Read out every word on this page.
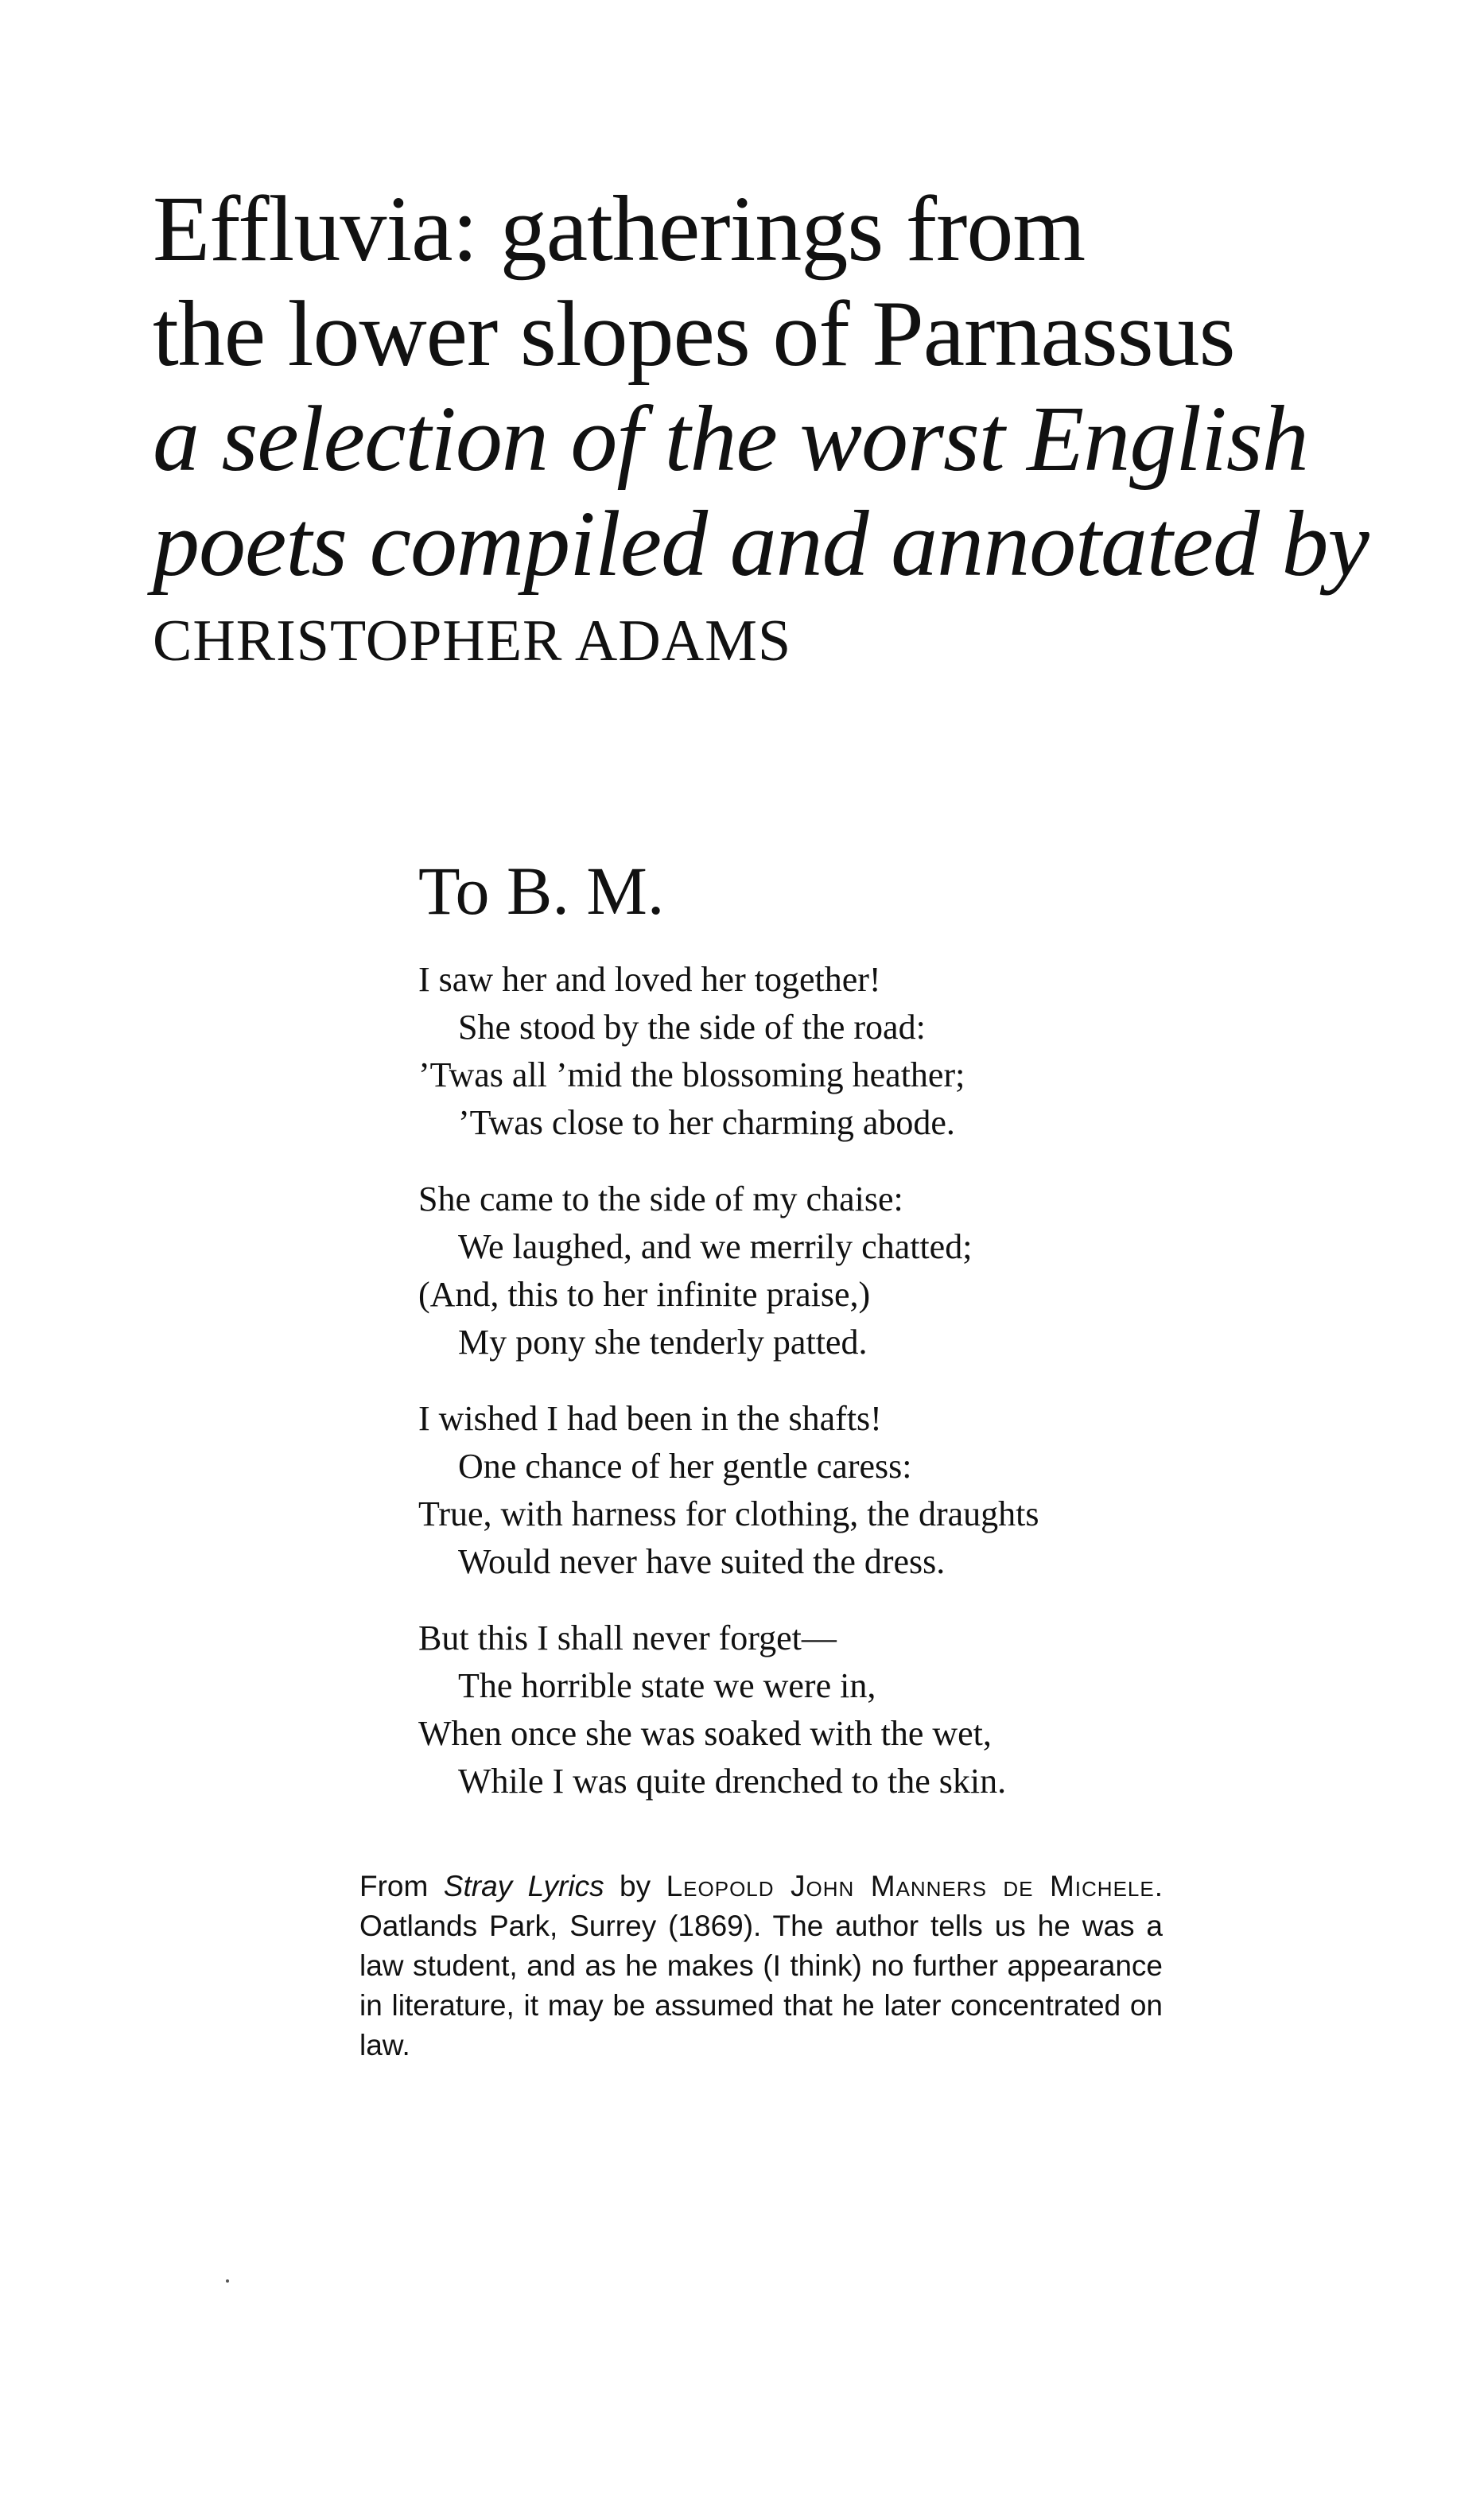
Effluvia: gatherings from
the lower slopes of Parnassus
a selection of the worst English
poets compiled and annotated by
CHRISTOPHER ADAMS
To B. M.
I saw her and loved her together!
She stood by the side of the road:
’Twas all ’mid the blossoming heather;
’Twas close to her charming abode.
She came to the side of my chaise:
We laughed, and we merrily chatted;
(And, this to her infinite praise,)
My pony she tenderly patted.
I wished I had been in the shafts!
One chance of her gentle caress:
True, with harness for clothing, the draughts
Would never have suited the dress.
But this I shall never forget—
The horrible state we were in,
When once she was soaked with the wet,
While I was quite drenched to the skin.

From Stray Lyrics by Leopold John Manners de Michele. Oatlands Park, Surrey (1869). The author tells us he was a law student, and as he makes (I think) no further appearance in literature, it may be assumed that he later concentrated on law.
